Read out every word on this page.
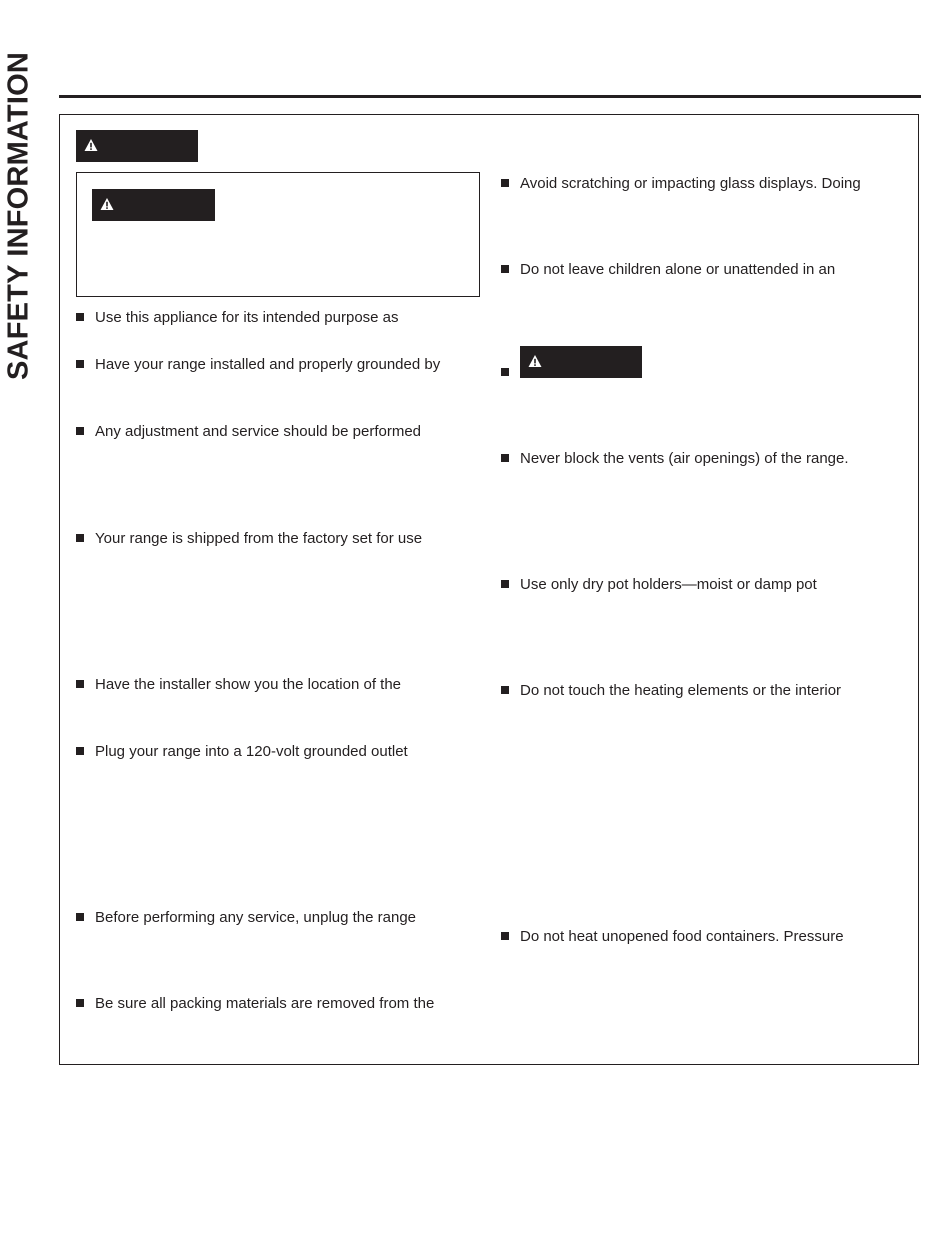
SAFETY INFORMATION	Use this appliance for its intended purpose as
Have your range installed and properly grounded by
Any adjustment and service should be performed
Your range is shipped from the factory set for use
Have the installer show you the location of the
Plug your range into a 120-volt grounded outlet
Before performing any service, unplug the range
Be sure all packing materials are removed from the
Avoid scratching or impacting glass displays. Doing
Do not leave children alone or unattended in an
Never block the vents (air openings) of the range.
Use only dry pot holders—moist or damp pot
Do not touch the heating elements or the interior
Do not heat unopened food containers. Pressure
